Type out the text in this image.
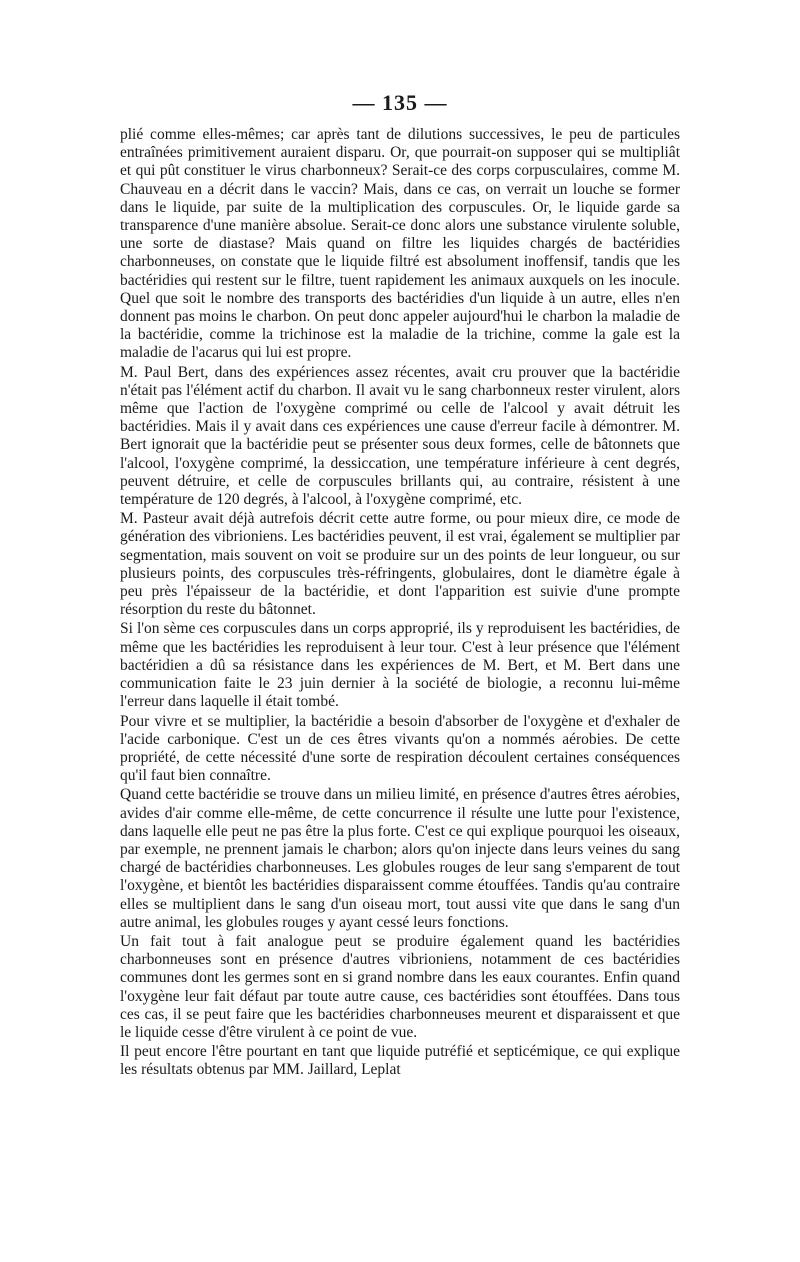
— 135 —

plié comme elles-mêmes; car après tant de dilutions successives, le peu de particules entraînées primitivement auraient disparu. Or, que pourrait-on supposer qui se multipliât et qui pût constituer le virus charbonneux? Serait-ce des corps corpusculaires, comme M. Chauveau en a décrit dans le vaccin? Mais, dans ce cas, on verrait un louche se former dans le liquide, par suite de la multiplication des corpuscules. Or, le liquide garde sa transparence d'une manière absolue. Serait-ce donc alors une substance virulente soluble, une sorte de diastase? Mais quand on filtre les liquides chargés de bactéridies charbonneuses, on constate que le liquide filtré est absolument inoffensif, tandis que les bactéridies qui restent sur le filtre, tuent rapidement les animaux auxquels on les inocule. Quel que soit le nombre des transports des bactéridies d'un liquide à un autre, elles n'en donnent pas moins le charbon. On peut donc appeler aujourd'hui le charbon la maladie de la bactéridie, comme la trichinose est la maladie de la trichine, comme la gale est la maladie de l'acarus qui lui est propre.

M. Paul Bert, dans des expériences assez récentes, avait cru prouver que la bactéridie n'était pas l'élément actif du charbon. Il avait vu le sang charbonneux rester virulent, alors même que l'action de l'oxygène comprimé ou celle de l'alcool y avait détruit les bactéridies. Mais il y avait dans ces expériences une cause d'erreur facile à démontrer. M. Bert ignorait que la bactéridie peut se présenter sous deux formes, celle de bâtonnets que l'alcool, l'oxygène comprimé, la dessiccation, une température inférieure à cent degrés, peuvent détruire, et celle de corpuscules brillants qui, au contraire, résistent à une température de 120 degrés, à l'alcool, à l'oxygène comprimé, etc.

M. Pasteur avait déjà autrefois décrit cette autre forme, ou pour mieux dire, ce mode de génération des vibrioniens. Les bactéridies peuvent, il est vrai, également se multiplier par segmentation, mais souvent on voit se produire sur un des points de leur longueur, ou sur plusieurs points, des corpuscules très-réfringents, globulaires, dont le diamètre égale à peu près l'épaisseur de la bactéridie, et dont l'apparition est suivie d'une prompte résorption du reste du bâtonnet.

Si l'on sème ces corpuscules dans un corps approprié, ils y reproduisent les bactéridies, de même que les bactéridies les reproduisent à leur tour. C'est à leur présence que l'élément bactéridien a dû sa résistance dans les expériences de M. Bert, et M. Bert dans une communication faite le 23 juin dernier à la société de biologie, a reconnu lui-même l'erreur dans laquelle il était tombé.

Pour vivre et se multiplier, la bactéridie a besoin d'absorber de l'oxygène et d'exhaler de l'acide carbonique. C'est un de ces êtres vivants qu'on a nommés aérobies. De cette propriété, de cette nécessité d'une sorte de respiration découlent certaines conséquences qu'il faut bien connaître.

Quand cette bactéridie se trouve dans un milieu limité, en présence d'autres êtres aérobies, avides d'air comme elle-même, de cette concurrence il résulte une lutte pour l'existence, dans laquelle elle peut ne pas être la plus forte. C'est ce qui explique pourquoi les oiseaux, par exemple, ne prennent jamais le charbon; alors qu'on injecte dans leurs veines du sang chargé de bactéridies charbonneuses. Les globules rouges de leur sang s'emparent de tout l'oxygène, et bientôt les bactéridies disparaissent comme étouffées. Tandis qu'au contraire elles se multiplient dans le sang d'un oiseau mort, tout aussi vite que dans le sang d'un autre animal, les globules rouges y ayant cessé leurs fonctions.

Un fait tout à fait analogue peut se produire également quand les bactéridies charbonneuses sont en présence d'autres vibrioniens, notamment de ces bactéridies communes dont les germes sont en si grand nombre dans les eaux courantes. Enfin quand l'oxygène leur fait défaut par toute autre cause, ces bactéridies sont étouffées. Dans tous ces cas, il se peut faire que les bactéridies charbonneuses meurent et disparaissent et que le liquide cesse d'être virulent à ce point de vue.

Il peut encore l'être pourtant en tant que liquide putréfié et septicémique, ce qui explique les résultats obtenus par MM. Jaillard, Leplat
